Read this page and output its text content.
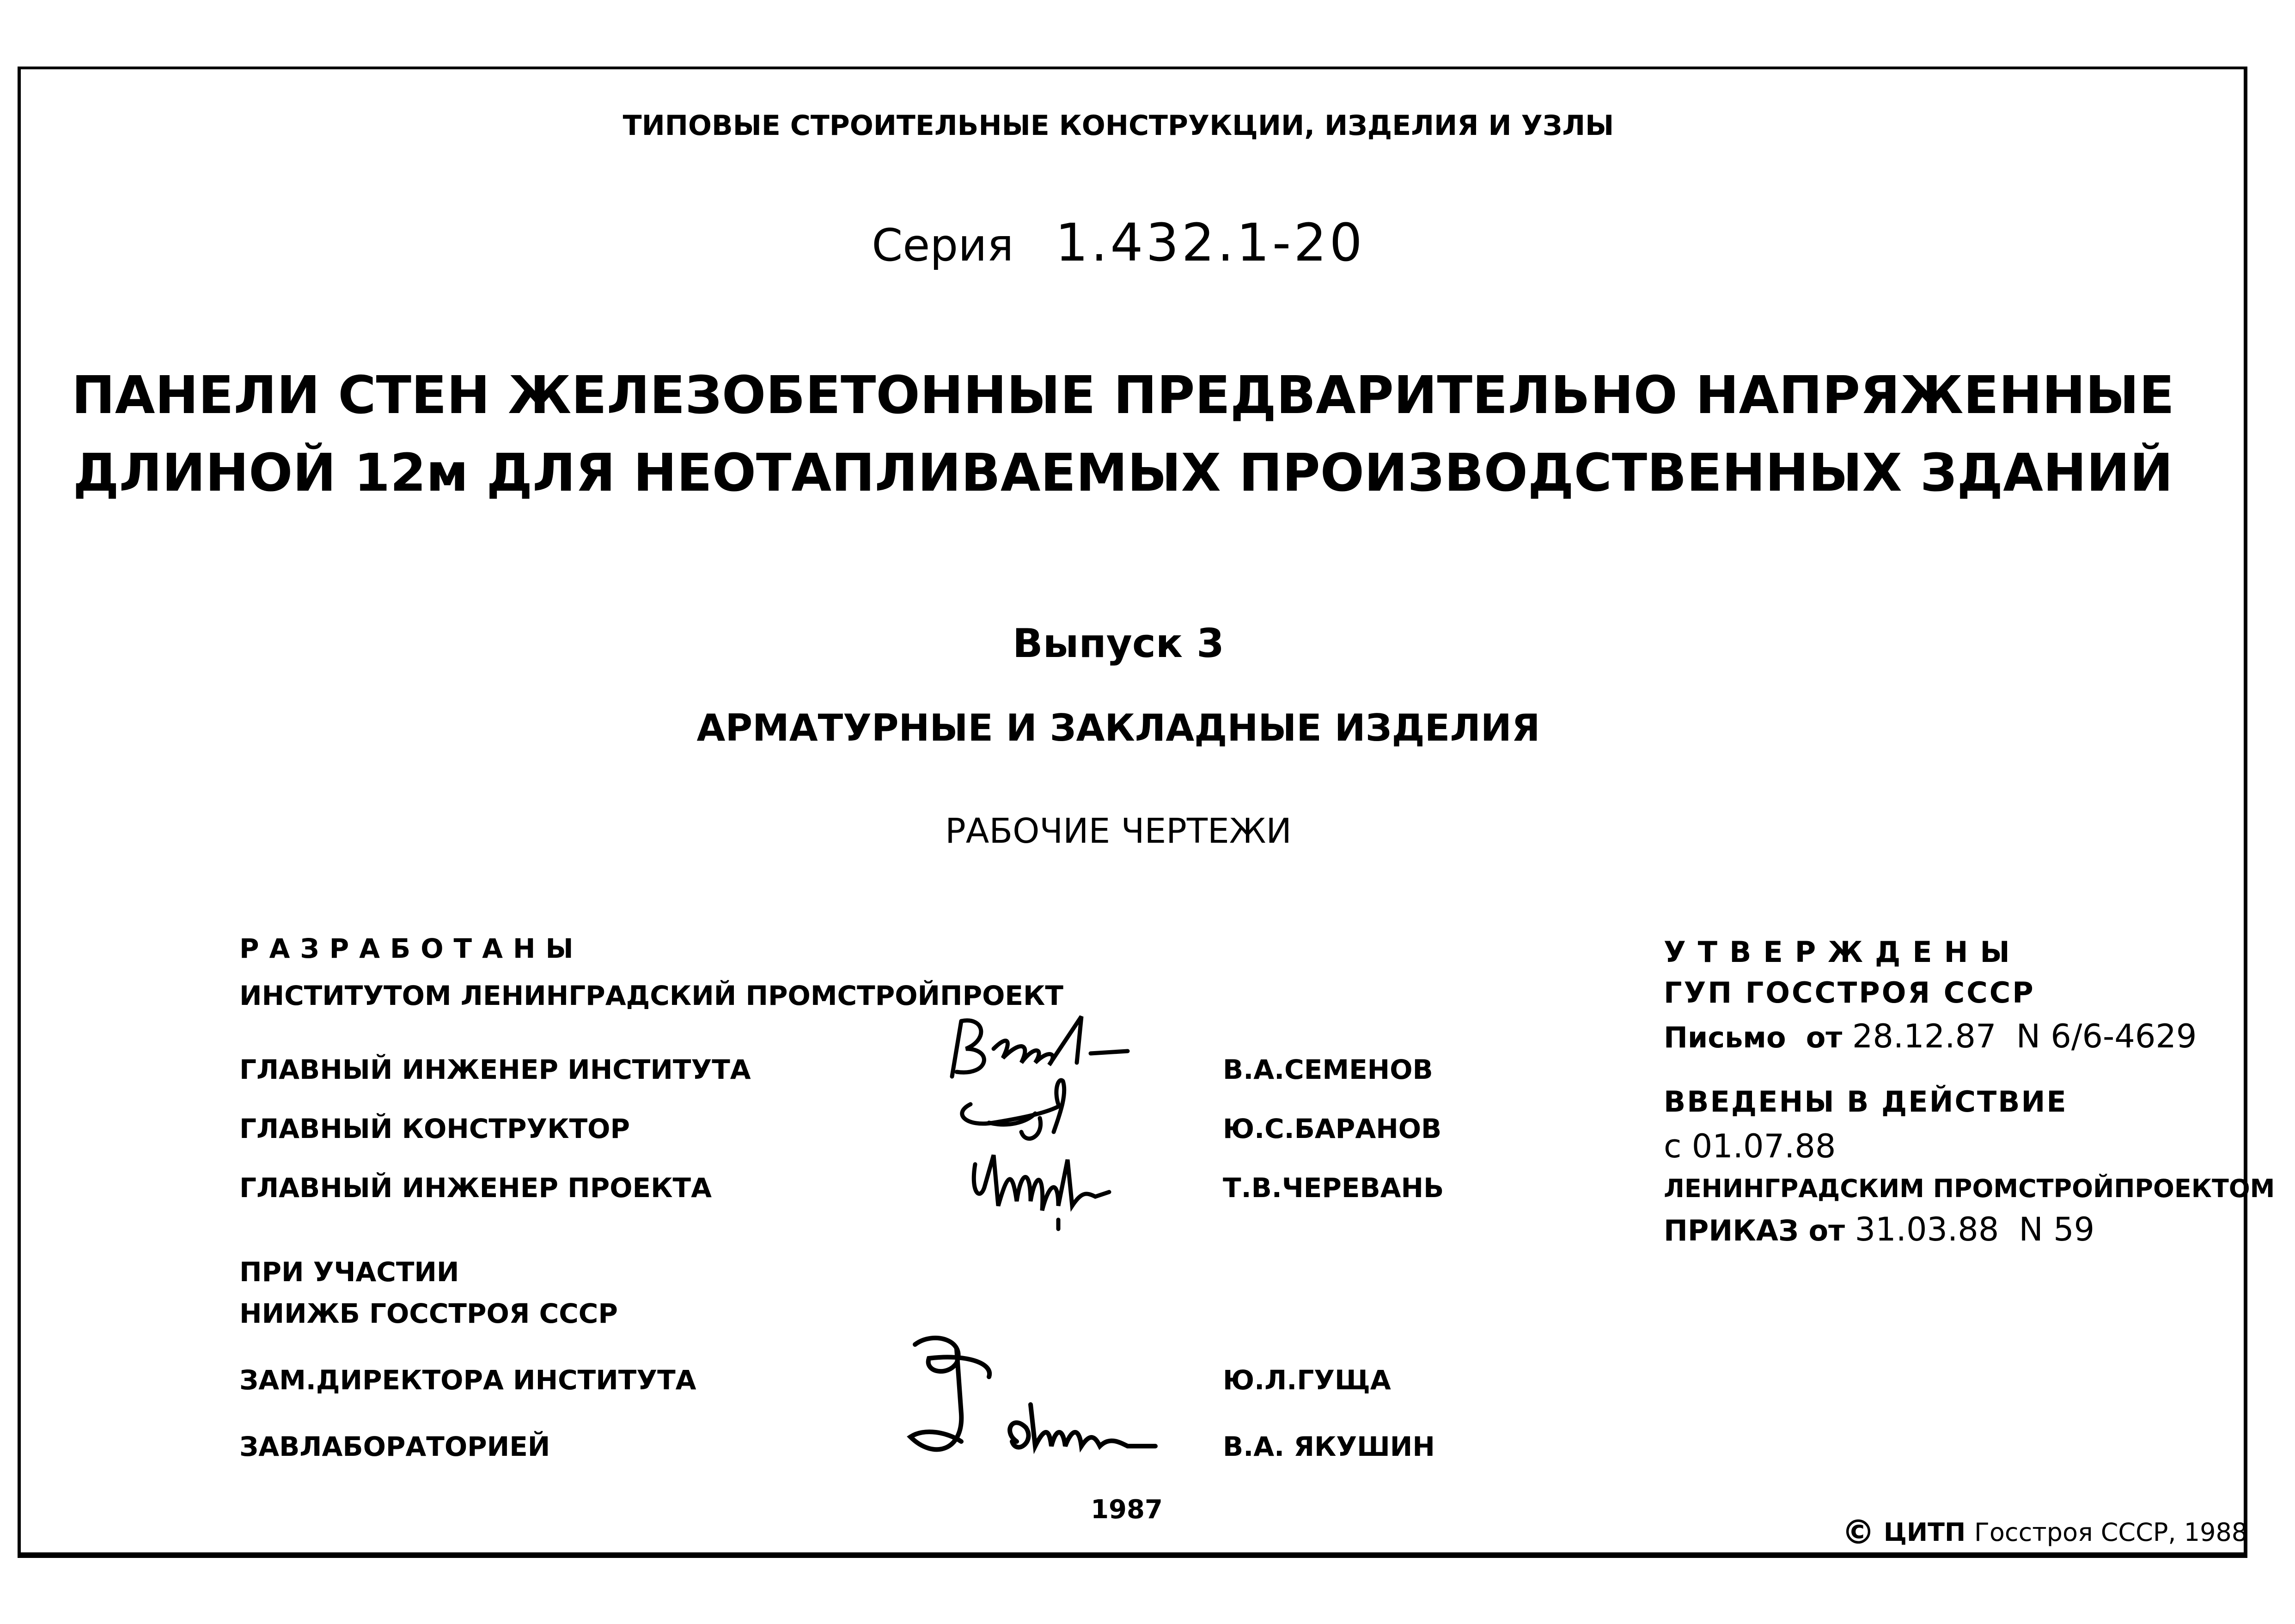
ТИПОВЫЕ СТРОИТЕЛЬНЫЕ КОНСТРУКЦИИ, ИЗДЕЛИЯ И УЗЛЫ
Серия 1.432.1-20
ПАНЕЛИ СТЕН ЖЕЛЕЗОБЕТОННЫЕ ПРЕДВАРИТЕЛЬНО НАПРЯЖЕННЫЕ
ДЛИНОЙ 12м ДЛЯ НЕОТАПЛИВАЕМЫХ ПРОИЗВОДСТВЕННЫХ ЗДАНИЙ
Выпуск 3
АРМАТУРНЫЕ И ЗАКЛАДНЫЕ ИЗДЕЛИЯ
РАБОЧИЕ ЧЕРТЕЖИ
РАЗРАБОТАНЫ
ИНСТИТУТОМ ЛЕНИНГРАДСКИЙ ПРОМСТРОЙПРОЕКТ
ГЛАВНЫЙ ИНЖЕНЕР ИНСТИТУТА
ГЛАВНЫЙ КОНСТРУКТОР
ГЛАВНЫЙ ИНЖЕНЕР ПРОЕКТА
ПРИ УЧАСТИИ
НИИЖБ ГОССТРОЯ СССР
ЗАМ.ДИРЕКТОРА ИНСТИТУТА
ЗАВЛАБОРАТОРИЕЙ
В.А.СЕМЕНОВ
Ю.С.БАРАНОВ
Т.В.ЧЕРЕВАНЬ
Ю.Л.ГУЩА
В.А. ЯКУШИН
УТВЕРЖДЕНЫ
ГУП ГОССТРОЯ СССР
Письмо от 28.12.87 N 6/6-4629
ВВЕДЕНЫ В ДЕЙСТВИЕ
с 01.07.88
ЛЕНИНГРАДСКИМ ПРОМСТРОЙПРОЕКТОМ
ПРИКАЗ от 31.03.88 N 59
1987
© ЦИТП Госстроя СССР, 1988
